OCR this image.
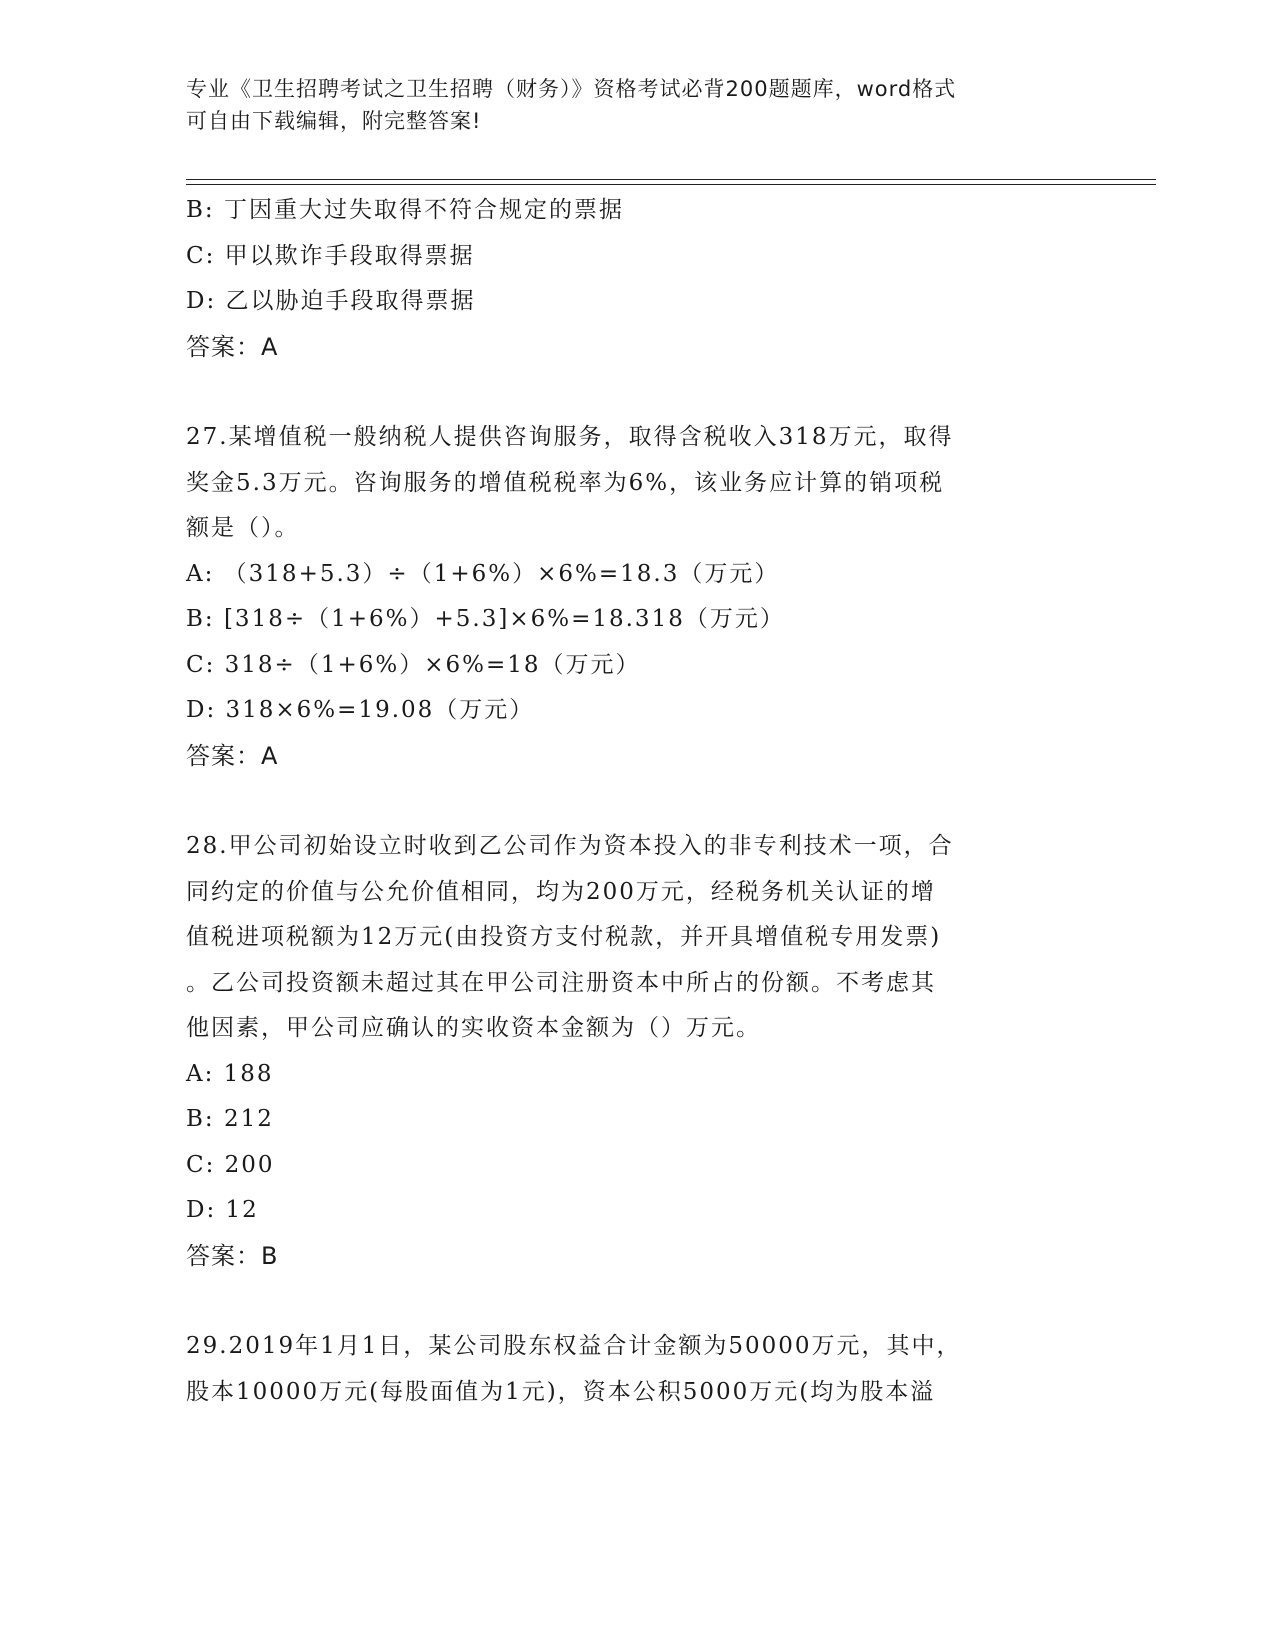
专业《卫生招聘考试之卫生招聘（财务）》资格考试必背200题题库，word格式
可自由下载编辑，附完整答案!
B: 丁因重大过失取得不符合规定的票据
C: 甲以欺诈手段取得票据
D: 乙以胁迫手段取得票据
答案：A
27.某增值税一般纳税人提供咨询服务，取得含税收入318万元，取得
奖金5.3万元。咨询服务的增值税税率为6%，该业务应计算的销项税
额是（）。
A: （318+5.3）÷（1+6%）×6%=18.3（万元）
B: [318÷（1+6%）+5.3]×6%=18.318（万元）
C: 318÷（1+6%）×6%=18（万元）
D: 318×6%=19.08（万元）
答案：A
28.甲公司初始设立时收到乙公司作为资本投入的非专利技术一项，合
同约定的价值与公允价值相同，均为200万元，经税务机关认证的增
值税进项税额为12万元(由投资方支付税款，并开具增值税专用发票)
。乙公司投资额未超过其在甲公司注册资本中所占的份额。不考虑其
他因素，甲公司应确认的实收资本金额为（）万元。
A: 188
B: 212
C: 200
D: 12
答案：B
29.2019年1月1日，某公司股东权益合计金额为50000万元，其中，
股本10000万元(每股面值为1元)，资本公积5000万元(均为股本溢
